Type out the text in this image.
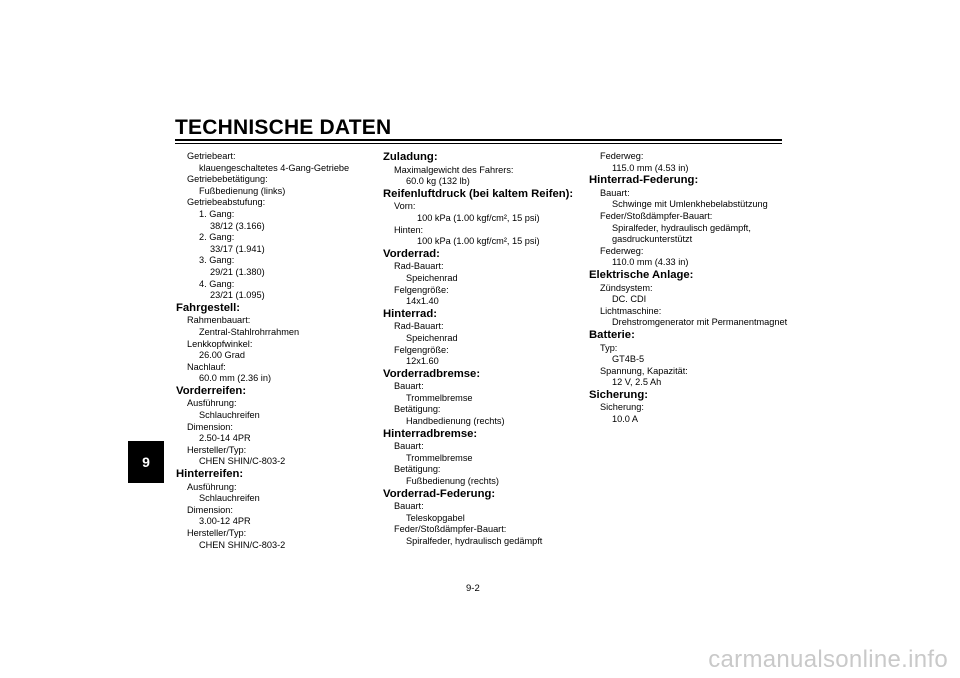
TECHNISCHE DATEN
9
Getriebeart:
klauengeschaltetes 4-Gang-Getriebe
Getriebebetätigung:
Fußbedienung (links)
Getriebeabstufung:
1. Gang:
38/12 (3.166)
2. Gang:
33/17 (1.941)
3. Gang:
29/21 (1.380)
4. Gang:
23/21 (1.095)
Fahrgestell:
Rahmenbauart:
Zentral-Stahlrohrrahmen
Lenkkopfwinkel:
26.00 Grad
Nachlauf:
60.0 mm (2.36 in)
Vorderreifen:
Ausführung:
Schlauchreifen
Dimension:
2.50-14 4PR
Hersteller/Typ:
CHEN SHIN/C-803-2
Hinterreifen:
Ausführung:
Schlauchreifen
Dimension:
3.00-12 4PR
Hersteller/Typ:
CHEN SHIN/C-803-2
Zuladung:
Maximalgewicht des Fahrers:
60.0 kg (132 lb)
Reifenluftdruck (bei kaltem Reifen):
Vorn:
100 kPa (1.00 kgf/cm², 15 psi)
Hinten:
100 kPa (1.00 kgf/cm², 15 psi)
Vorderrad:
Rad-Bauart:
Speichenrad
Felgengröße:
14x1.40
Hinterrad:
Rad-Bauart:
Speichenrad
Felgengröße:
12x1.60
Vorderradbremse:
Bauart:
Trommelbremse
Betätigung:
Handbedienung (rechts)
Hinterradbremse:
Bauart:
Trommelbremse
Betätigung:
Fußbedienung (rechts)
Vorderrad-Federung:
Bauart:
Teleskopgabel
Feder/Stoßdämpfer-Bauart:
Spiralfeder, hydraulisch gedämpft
Federweg:
115.0 mm (4.53 in)
Hinterrad-Federung:
Bauart:
Schwinge mit Umlenkhebelabstützung
Feder/Stoßdämpfer-Bauart:
Spiralfeder, hydraulisch gedämpft,
gasdruckunterstützt
Federweg:
110.0 mm (4.33 in)
Elektrische Anlage:
Zündsystem:
DC. CDI
Lichtmaschine:
Drehstromgenerator mit Permanentmagnet
Batterie:
Typ:
GT4B-5
Spannung, Kapazität:
12 V, 2.5 Ah
Sicherung:
Sicherung:
10.0 A
9-2
carmanualsonline.info
